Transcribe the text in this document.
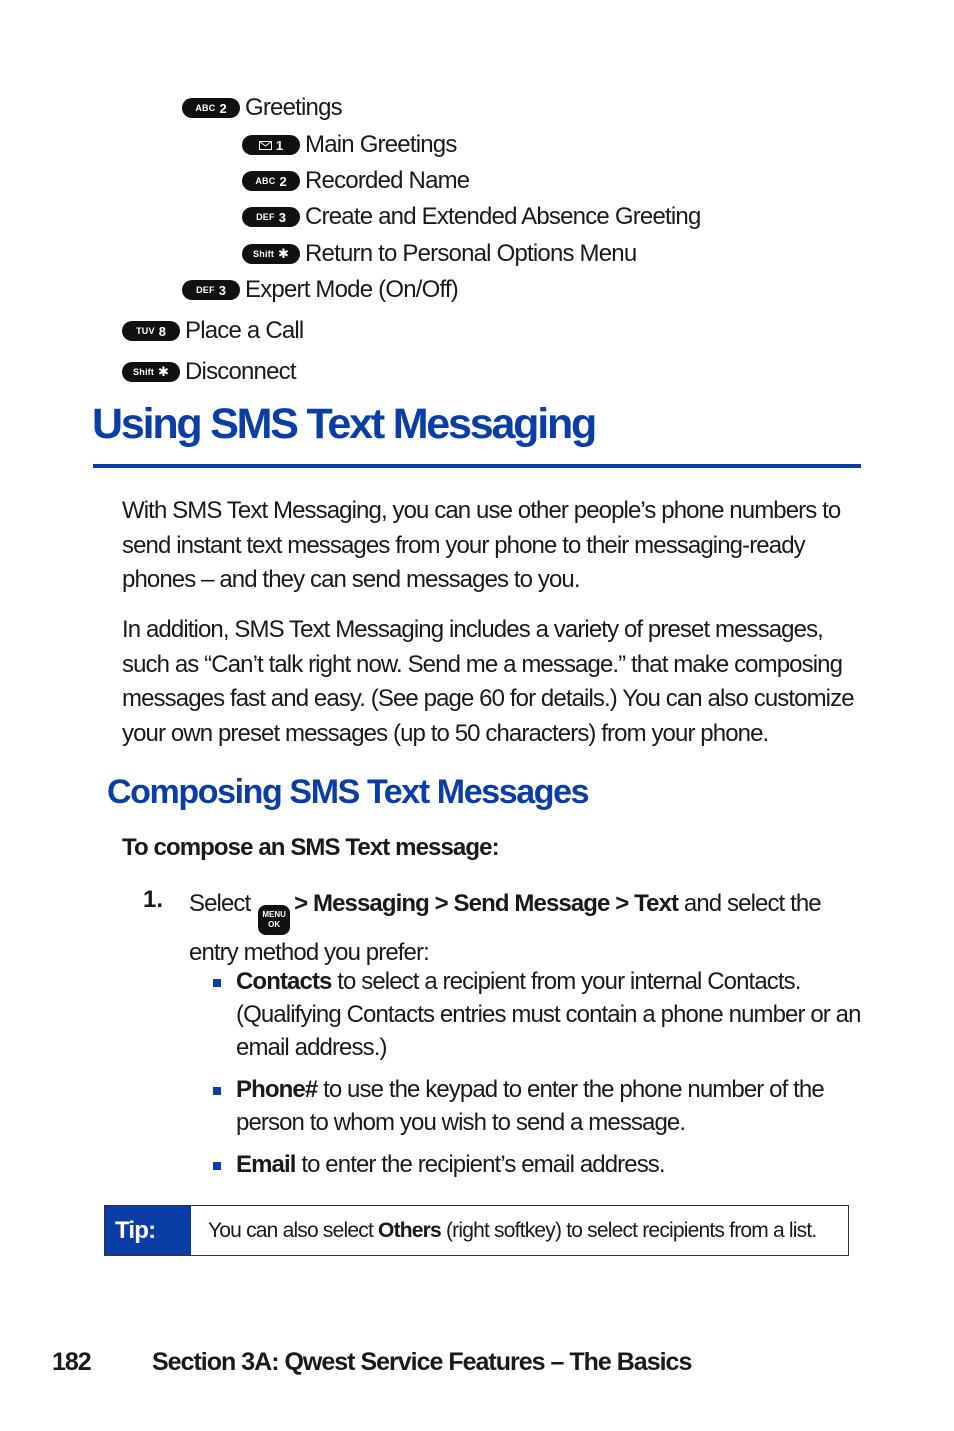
ABC 2 Greetings
1 Main Greetings
ABC 2 Recorded Name
DEF 3 Create and Extended Absence Greeting
Shift ✱ Return to Personal Options Menu
DEF 3 Expert Mode (On/Off)
TUV 8 Place a Call
Shift ✱ Disconnect
Using SMS Text Messaging

With SMS Text Messaging, you can use other people’s phone numbers to send instant text messages from your phone to their messaging-ready phones – and they can send messages to you.

In addition, SMS Text Messaging includes a variety of preset messages, such as “Can’t talk right now. Send me a message.” that make composing messages fast and easy. (See page 60 for details.) You can also customize your own preset messages (up to 50 characters) from your phone.

Composing SMS Text Messages
To compose an SMS Text message:
1. Select MENU
OK
> Messaging > Send Message > Text and select the entry method you prefer:

Contacts to select a recipient from your internal Contacts. (Qualifying Contacts entries must contain a phone number or an email address.)

Phone# to use the keypad to enter the phone number of the person to whom you wish to send a message.

Email to enter the recipient’s email address.

Tip:	You can also select
Others
(right softkey) to select recipients from a list.
182 Section 3A: Qwest Service Features – The Basics
